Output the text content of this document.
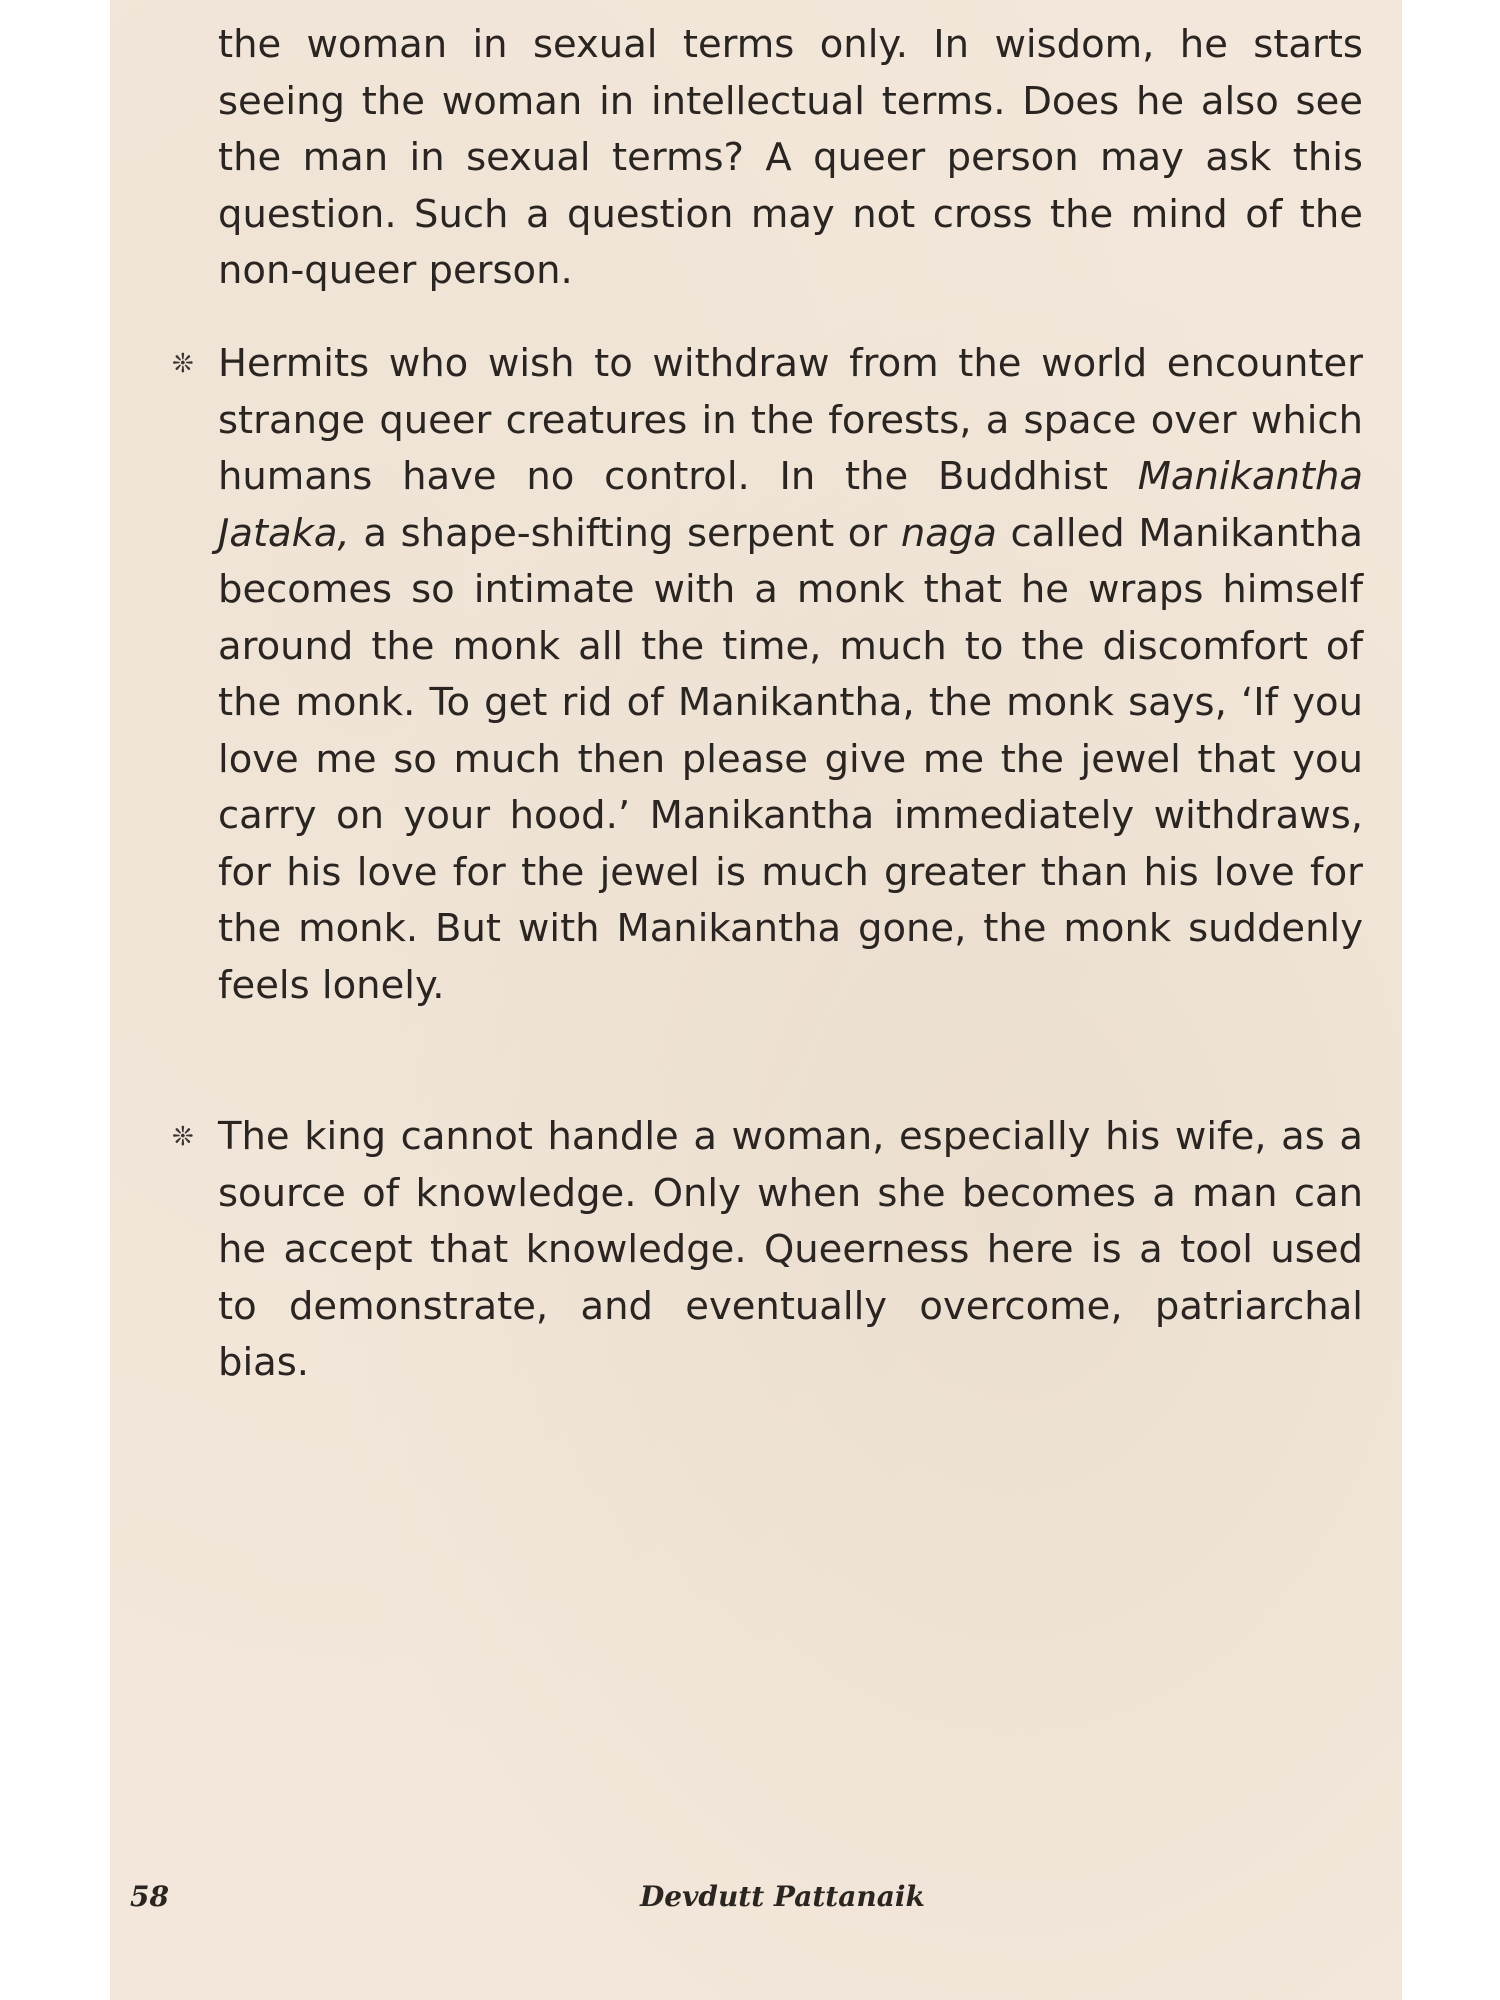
the woman in sexual terms only. In wisdom, he starts seeing the woman in intellectual terms. Does he also see the man in sexual terms? A queer person may ask this question. Such a question may not cross the mind of the non-queer person.

❊ Hermits who wish to withdraw from the world encounter strange queer creatures in the forests, a space over which humans have no control. In the Buddhist Manikantha Jataka, a shape-shifting serpent or naga called Manikantha becomes so intimate with a monk that he wraps himself around the monk all the time, much to the discomfort of the monk. To get rid of Manikantha, the monk says, ‘If you love me so much then please give me the jewel that you carry on your hood.’ Manikantha immediately withdraws, for his love for the jewel is much greater than his love for the monk. But with Manikantha gone, the monk suddenly feels lonely.
❊ The king cannot handle a woman, especially his wife, as a source of knowledge. Only when she becomes a man can he accept that knowledge. Queerness here is a tool used to demonstrate, and eventually overcome, patriarchal bias.
58	Devdutt Pattanaik
